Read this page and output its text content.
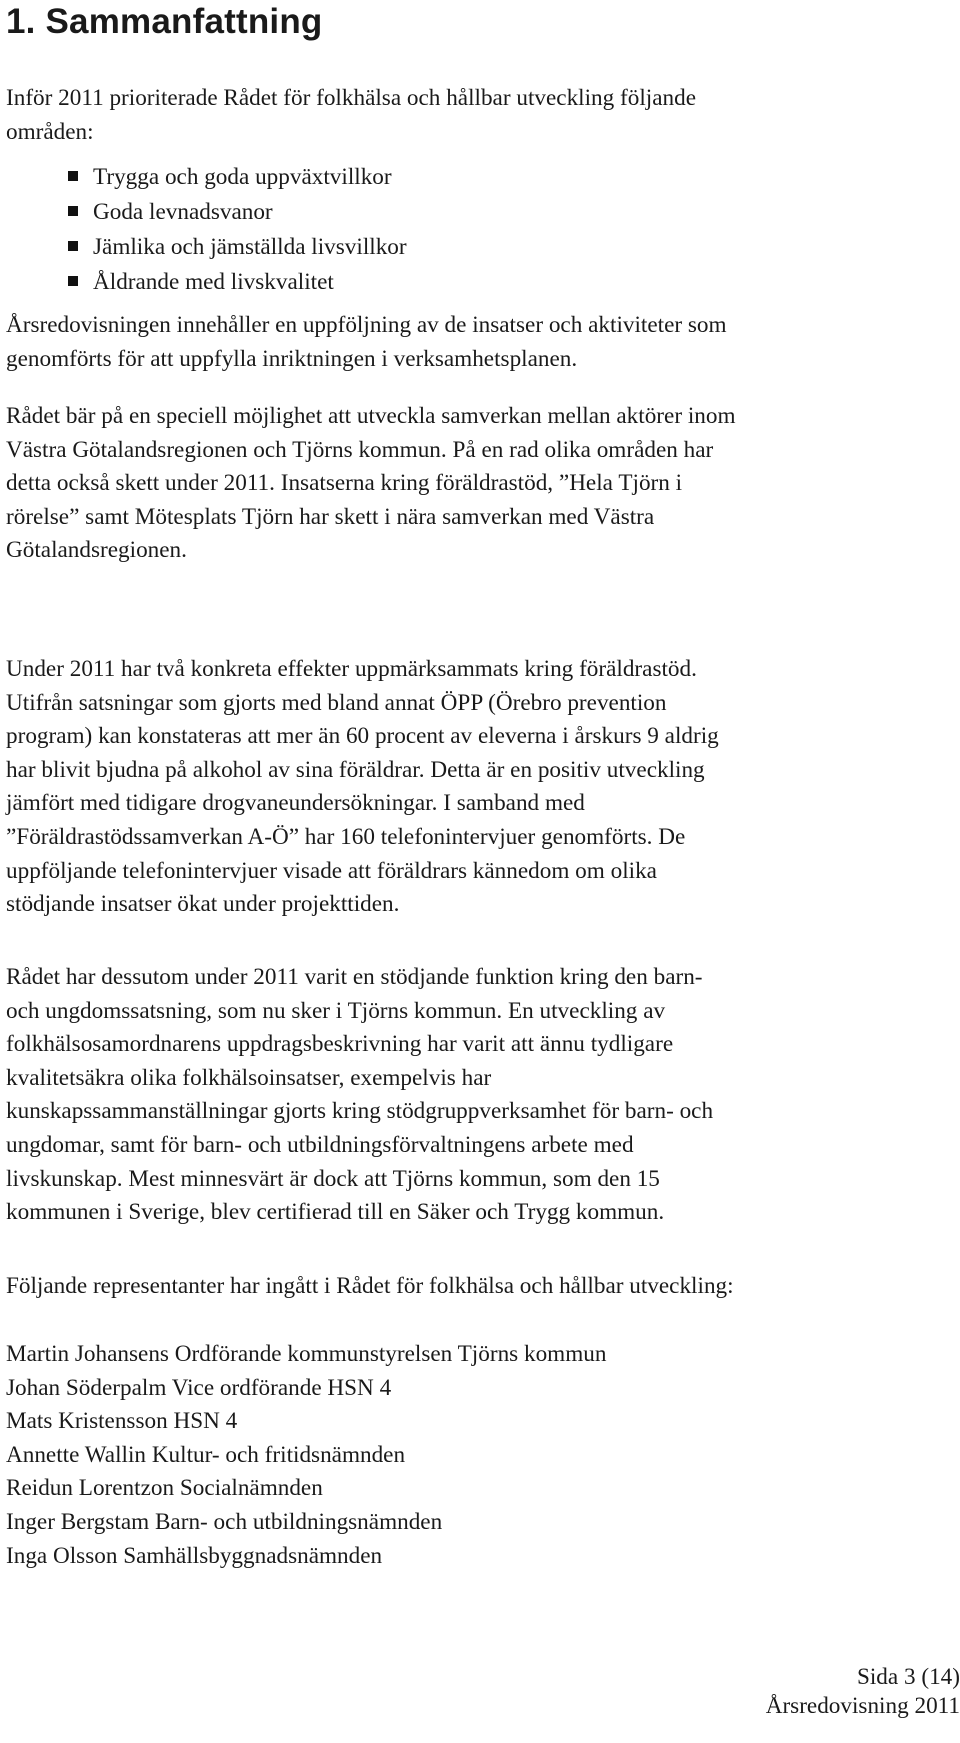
1. Sammanfattning

Inför 2011 prioriterade Rådet för folkhälsa och hållbar utveckling följande
områden:

Trygga och goda uppväxtvillkor
Goda levnadsvanor
Jämlika och jämställda livsvillkor
Åldrande med livskvalitet

Årsredovisningen innehåller en uppföljning av de insatser och aktiviteter som
genomförts för att uppfylla inriktningen i verksamhetsplanen.

Rådet bär på en speciell möjlighet att utveckla samverkan mellan aktörer inom
Västra Götalandsregionen och Tjörns kommun. På en rad olika områden har
detta också skett under 2011. Insatserna kring föräldrastöd, ”Hela Tjörn i
rörelse” samt Mötesplats Tjörn har skett i nära samverkan med Västra
Götalandsregionen.

Under 2011 har två konkreta effekter uppmärksammats kring föräldrastöd.
Utifrån satsningar som gjorts med bland annat ÖPP (Örebro prevention
program) kan konstateras att mer än 60 procent av eleverna i årskurs 9 aldrig
har blivit bjudna på alkohol av sina föräldrar. Detta är en positiv utveckling
jämfört med tidigare drogvaneundersökningar. I samband med
”Föräldrastödssamverkan A-Ö” har 160 telefonintervjuer genomförts. De
uppföljande telefonintervjuer visade att föräldrars kännedom om olika
stödjande insatser ökat under projekttiden.

Rådet har dessutom under 2011 varit en stödjande funktion kring den barn-
och ungdomssatsning, som nu sker i Tjörns kommun. En utveckling av
folkhälsosamordnarens uppdragsbeskrivning har varit att ännu tydligare
kvalitetsäkra olika folkhälsoinsatser, exempelvis har
kunskapssammanställningar gjorts kring stödgruppverksamhet för barn- och
ungdomar, samt för barn- och utbildningsförvaltningens arbete med
livskunskap. Mest minnesvärt är dock att Tjörns kommun, som den 15
kommunen i Sverige, blev certifierad till en Säker och Trygg kommun.

Följande representanter har ingått i Rådet för folkhälsa och hållbar utveckling:

Martin Johansens Ordförande kommunstyrelsen Tjörns kommun
Johan Söderpalm Vice ordförande HSN 4
Mats Kristensson HSN 4
Annette Wallin Kultur- och fritidsnämnden
Reidun Lorentzon Socialnämnden
Inger Bergstam Barn- och utbildningsnämnden
Inga Olsson Samhällsbyggnadsnämnden
Sida 3 (14)
Årsredovisning 2011
